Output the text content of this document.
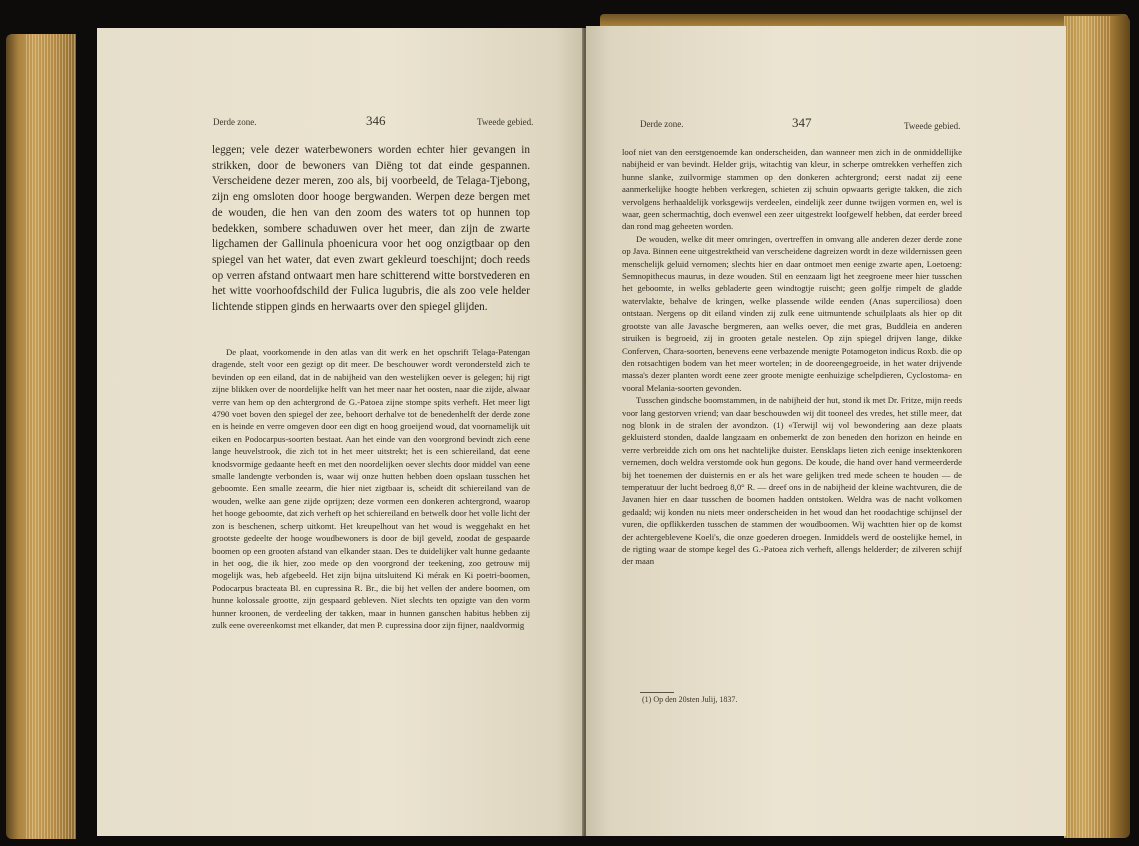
Derde zone.	346	Tweede gebied.

leggen; vele dezer waterbewoners worden echter hier gevangen in strikken, door de bewoners van Diëng tot dat einde gespannen. Verscheidene dezer meren, zoo als, bij voorbeeld, de Telaga-Tjebong, zijn eng omsloten door hooge bergwanden. Werpen deze bergen met de wouden, die hen van den zoom des waters tot op hunnen top bedekken, sombere schaduwen over het meer, dan zijn de zwarte ligchamen der Gallinula phoenicura voor het oog onzigtbaar op den spiegel van het water, dat even zwart gekleurd toeschijnt; doch reeds op verren afstand ontwaart men hare schitterend witte borstvederen en het witte voorhoofdschild der Fulica lugubris, die als zoo vele helder lichtende stippen ginds en herwaarts over den spiegel glijden.

De plaat, voorkomende in den atlas van dit werk en het opschrift Telaga-Patengan dragende, stelt voor een gezigt op dit meer. De beschouwer wordt verondersteld zich te bevinden op een eiland, dat in de nabijheid van den westelijken oever is gelegen; hij rigt zijne blikken over de noordelijke helft van het meer naar het oosten, naar die zijde, alwaar verre van hem op den achtergrond de G.-Patoea zijne stompe spits verheft. Het meer ligt 4790 voet boven den spiegel der zee, behoort derhalve tot de benedenhelft der derde zone en is heinde en verre omgeven door een digt en hoog groeijend woud, dat voornamelijk uit eiken en Podocarpus-soorten bestaat. Aan het einde van den voorgrond bevindt zich eene lange heuvelstrook, die zich tot in het meer uitstrekt; het is een schiereiland, dat eene knodsvormige gedaante heeft en met den noordelijken oever slechts door middel van eene smalle landengte verbonden is, waar wij onze hutten hebben doen opslaan tusschen het geboomte. Een smalle zeearm, die hier niet zigtbaar is, scheidt dit schiereiland van de wouden, welke aan gene zijde oprijzen; deze vormen een donkeren achtergrond, waarop het hooge geboomte, dat zich verheft op het schiereiland en betwelk door het volle licht der zon is beschenen, scherp uitkomt. Het kreupelhout van het woud is weggehakt en het grootste gedeelte der hooge woudbewoners is door de bijl geveld, zoodat de gespaarde boomen op een grooten afstand van elkander staan. Des te duidelijker valt hunne gedaante in het oog, die ik hier, zoo mede op den voorgrond der teekening, zoo getrouw mij mogelijk was, heb afgebeeld. Het zijn bijna uitsluitend Ki mérak en Ki poetri-boomen, Podocarpus bracteata Bl. en cupressina R. Br., die bij het vellen der andere boomen, om hunne kolossale grootte, zijn gespaard gebleven. Niet slechts ten opzigte van den vorm hunner kroonen, de verdeeling der takken, maar in hunnen ganschen habitus hebben zij zulk eene overeenkomst met elkander, dat men P. cupressina door zijn fijner, naaldvormig

Derde zone.	347	Tweede gebied.

loof niet van den eerstgenoemde kan onderscheiden, dan wanneer men zich in de onmiddellijke nabijheid er van bevindt. Helder grijs, witachtig van kleur, in scherpe omtrekken verheffen zich hunne slanke, zuilvormige stammen op den donkeren achtergrond; eerst nadat zij eene aanmerkelijke hoogte hebben verkregen, schieten zij schuin opwaarts gerigte takken, die zich vervolgens herhaaldelijk vorksgewijs verdeelen, eindelijk zeer dunne twijgen vormen en, wel is waar, geen schermachtig, doch evenwel een zeer uitgestrekt loofgewelf hebben, dat eerder breed dan rond mag geheeten worden.

De wouden, welke dit meer omringen, overtreffen in omvang alle anderen dezer derde zone op Java. Binnen eene uitgestrektheid van verscheidene dagreizen wordt in deze wildernissen geen menschelijk geluid vernomen; slechts hier en daar ontmoet men eenige zwarte apen, Loetoeng: Semnopithecus maurus, in deze wouden. Stil en eenzaam ligt het zeegroene meer hier tusschen het geboomte, in welks gebladerte geen windtogtje ruischt; geen golfje rimpelt de gladde watervlakte, behalve de kringen, welke plassende wilde eenden (Anas superciliosa) doen ontstaan. Nergens op dit eiland vinden zij zulk eene uitmuntende schuilplaats als hier op dit grootste van alle Javasche bergmeren, aan welks oever, die met gras, Buddleia en anderen struiken is begroeid, zij in grooten getale nestelen. Op zijn spiegel drijven lange, dikke Conferven, Chara-soorten, benevens eene verbazende menigte Potamogeton indicus Roxb. die op den rotsachtigen bodem van het meer wortelen; in de dooreengegroeide, in het water drijvende massa's dezer planten wordt eene zeer groote menigte eenhuizige schelpdieren, Cyclostoma- en vooral Melania-soorten gevonden.

Tusschen gindsche boomstammen, in de nabijheid der hut, stond ik met Dr. Fritze, mijn reeds voor lang gestorven vriend; van daar beschouwden wij dit tooneel des vredes, het stille meer, dat nog blonk in de stralen der avondzon. (1) «Terwijl wij vol bewondering aan deze plaats gekluisterd stonden, daalde langzaam en onbemerkt de zon beneden den horizon en heinde en verre verbreidde zich om ons het nachtelijke duister. Eensklaps lieten zich eenige insektenkoren vernemen, doch weldra verstomde ook hun gegons. De koude, die hand over hand vermeerderde bij het toenemen der duisternis en er als het ware gelijken tred mede scheen te houden — de temperatuur der lucht bedroeg 8,0° R. — dreef ons in de nabijheid der kleine wachtvuren, die de Javanen hier en daar tusschen de boomen hadden ontstoken. Weldra was de nacht volkomen gedaald; wij konden nu niets meer onderscheiden in het woud dan het roodachtige schijnsel der vuren, die opflikkerden tusschen de stammen der woudboomen. Wij wachtten hier op de komst der achtergeblevene Koeli's, die onze goederen droegen. Inmiddels werd de oostelijke hemel, in de rigting waar de stompe kegel des G.-Patoea zich verheft, allengs helderder; de zilveren schijf der maan

(1) Op den 20sten Julij, 1837.
